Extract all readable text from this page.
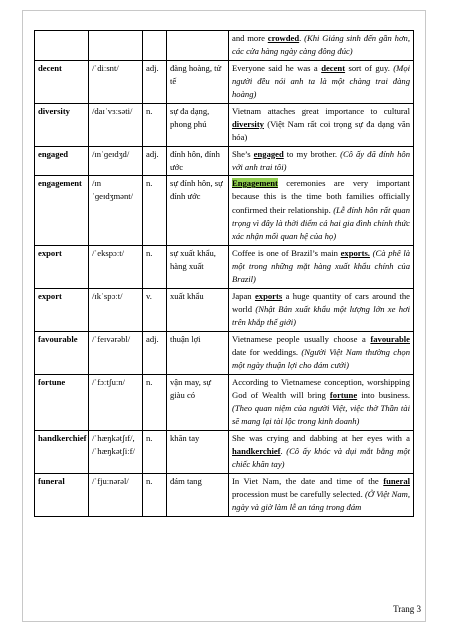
				and more crowded. (Khi Giáng sinh đến gần hơn, các cửa hàng ngày càng đông đúc)
decent	/ˈdiːsnt/	adj.	đàng hoàng, tử tế	Everyone said he was a decent sort of guy. (Mọi người đều nói anh ta là một chàng trai đàng hoàng)
diversity	/daɪˈvɜːsəti/	n.	sự đa dạng, phong phú	Vietnam attaches great importance to cultural diversity (Việt Nam rất coi trọng sự đa dạng văn hóa)
engaged	/ɪnˈɡeɪdʒd/	adj.	đính hôn, đính ước	She’s engaged to my brother. (Cô ấy đã đính hôn với anh trai tôi)
engagement	/ɪnˈɡeɪdʒmənt/	n.	sự đính hôn, sự đính ước	Engagement ceremonies are very important because this is the time both families officially confirmed their relationship. (Lễ đính hôn rất quan trọng vì đây là thời điểm cả hai gia đình chính thức xác nhận mối quan hệ của họ)
export	/ˈekspɔːt/	n.	sự xuất khẩu, hàng xuất	Coffee is one of Brazil’s main exports. (Cà phê là một trong những mặt hàng xuất khẩu chính của Brazil)
export	/ɪkˈspɔːt/	v.	xuất khẩu	Japan exports a huge quantity of cars around the world (Nhật Bản xuất khẩu một lượng lớn xe hơi trên khắp thế giới)
favourable	/ˈfeɪvərəbl/	adj.	thuận lợi	Vietnamese people usually choose a favourable date for weddings. (Người Việt Nam thường chọn một ngày thuận lợi cho đám cưới)
fortune	/ˈfɔːtʃuːn/	n.	vận may, sự giàu có	According to Vietnamese conception, worshipping God of Wealth will bring fortune into business. (Theo quan niệm của người Việt, việc thờ Thần tài sẽ mang lại tài lộc trong kinh doanh)
handkerchief	/ˈhæŋkətʃɪf/, /ˈhæŋkətʃiːf/	n.	khăn tay	She was crying and dabbing at her eyes with a handkerchief. (Cô ấy khóc và dụi mắt bằng một chiếc khăn tay)
funeral	/ˈfjuːnərəl/	n.	đám tang	In Viet Nam, the date and time of the funeral procession must be carefully selected. (Ở Việt Nam, ngày và giờ làm lễ an táng trong đám
Trang 3
